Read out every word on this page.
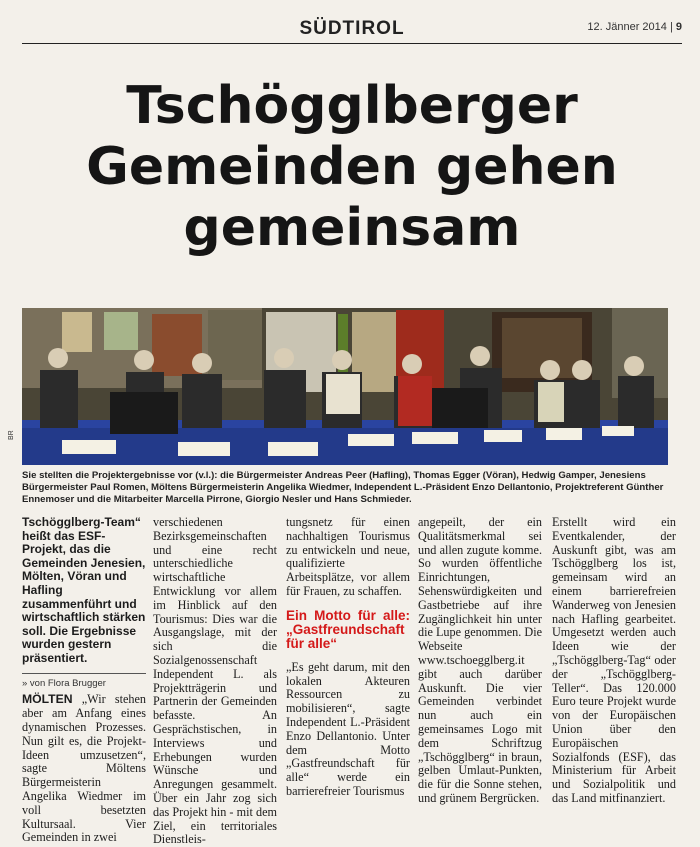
SÜDTIROL	12. Jänner 2014 | 9

Tschögglberger
Gemeinden gehen
gemeinsam
BR
Sie stellten die Projektergebnisse vor (v.l.): die Bürgermeister Andreas Peer (Hafling), Thomas Egger (Vöran), Hedwig Gamper, Jenesiens Bürgermeister Paul Romen, Möltens Bürgermeisterin Angelika Wiedmer, Independent L.-Präsident Enzo Dellantonio, Projektreferent Günther Ennemoser und die Mitarbeiter Marcella Pirrone, Giorgio Nesler und Hans Schmieder.
Tschögglberg-Team“ heißt das ESF-Projekt, das die Gemeinden Jenesien, Mölten, Vöran und Hafling zusammenführt und wirtschaftlich stärken soll. Die Ergebnisse wurden gestern präsentiert.
» von Flora Brugger
MÖLTEN „Wir stehen aber am Anfang eines dynamischen Prozesses. Nun gilt es, die Projekt-Ideen umzusetzen“, sagte Möltens Bürgermeisterin Angelika Wiedmer im voll besetzten Kultursaal. Vier Gemeinden in zwei
verschiedenen Bezirksgemeinschaften und eine recht unterschiedliche wirtschaftliche Entwicklung vor allem im Hinblick auf den Tourismus: Dies war die Ausgangslage, mit der sich die Sozialgenossenschaft Independent L. als Projektträgerin und Partnerin der Gemeinden befasste. An Gesprächstischen, in Interviews und Erhebungen wurden Wünsche und Anregungen gesammelt. Über ein Jahr zog sich das Projekt hin - mit dem Ziel, ein territoriales Dienstleis-
tungsnetz für einen nachhaltigen Tourismus zu entwickeln und neue, qualifizierte Arbeitsplätze, vor allem für Frauen, zu schaffen.
Ein Motto für alle: „Gastfreundschaft für alle“
„Es geht darum, mit den lokalen Akteuren Ressourcen zu mobilisieren“, sagte Independent L.-Präsident Enzo Dellantonio. Unter dem Motto „Gastfreundschaft für alle“ werde ein barrierefreier Tourismus
angepeilt, der ein Qualitätsmerkmal sei und allen zugute komme. So wurden öffentliche Einrichtungen, Sehenswürdigkeiten und Gastbetriebe auf ihre Zugänglichkeit hin unter die Lupe genommen. Die Webseite www.tschoegglberg.it gibt auch darüber Auskunft. Die vier Gemeinden verbindet nun auch ein gemeinsames Logo mit dem Schriftzug „Tschögglberg“ in braun, gelben Umlaut-Punkten, die für die Sonne stehen, und grünem Bergrücken.
Erstellt wird ein Eventkalender, der Auskunft gibt, was am Tschögglberg los ist, gemeinsam wird an einem barrierefreien Wanderweg von Jenesien nach Hafling gearbeitet. Umgesetzt werden auch Ideen wie der „Tschögglberg-Tag“ oder der „Tschögglberg-Teller“. Das 120.000 Euro teure Projekt wurde von der Europäischen Union über den Europäischen Sozialfonds (ESF), das Ministerium für Arbeit und Sozialpolitik und das Land mitfinanziert.
